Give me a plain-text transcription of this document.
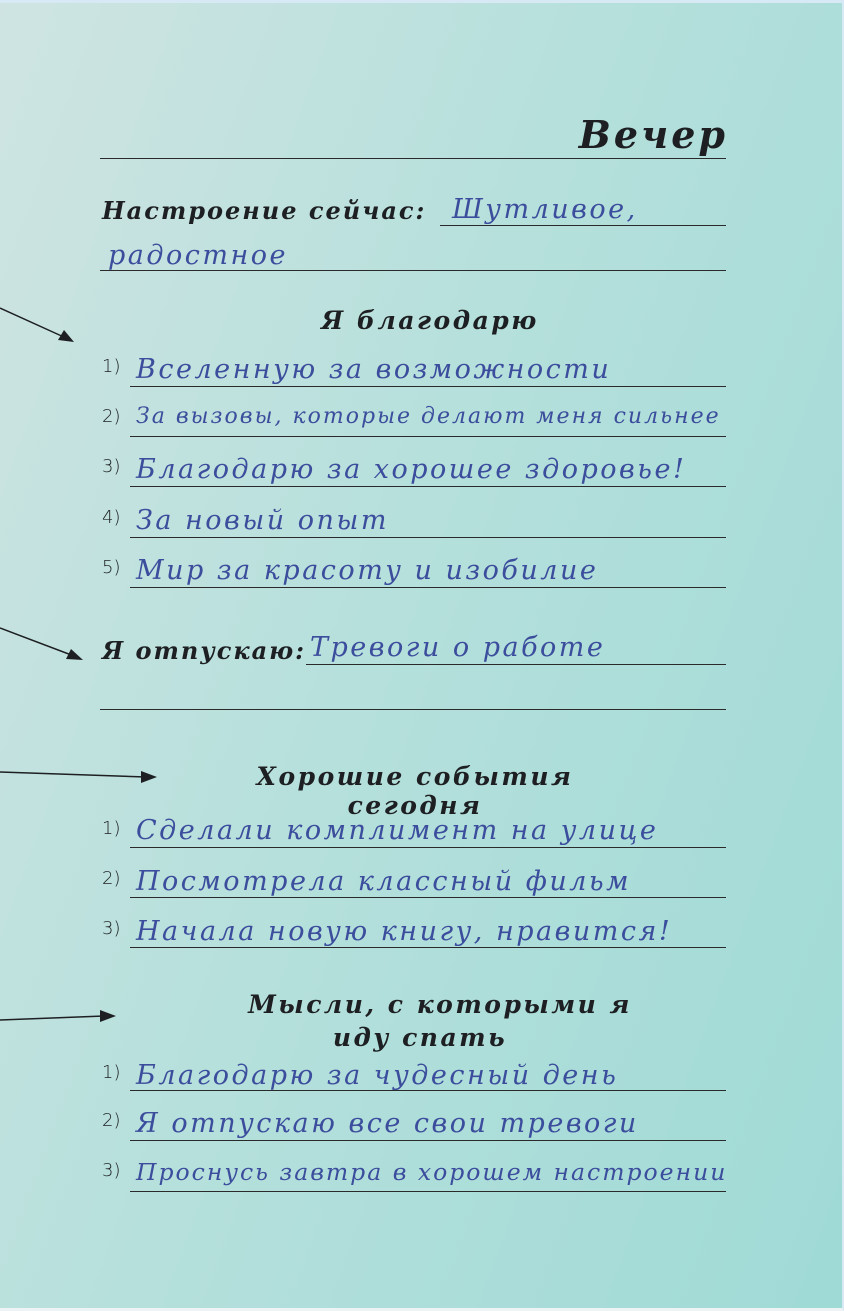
Вечер
Настроение сейчас: Шутливое,
радостное
Я благодарю
1) Вселенную за возможности
2) За вызовы, которые делают меня сильнее
3) Благодарю за хорошее здоровье!
4) За новый опыт
5) Мир за красоту и изобилие
Я отпускаю: Тревоги о работе
Хорошие события сегодня
1) Сделали комплимент на улице
2) Посмотрела классный фильм
3) Начала новую книгу, нравится!
Мысли, с которыми я
иду спать
1) Благодарю за чудесный день
2) Я отпускаю все свои тревоги
3) Проснусь завтра в хорошем настроении
